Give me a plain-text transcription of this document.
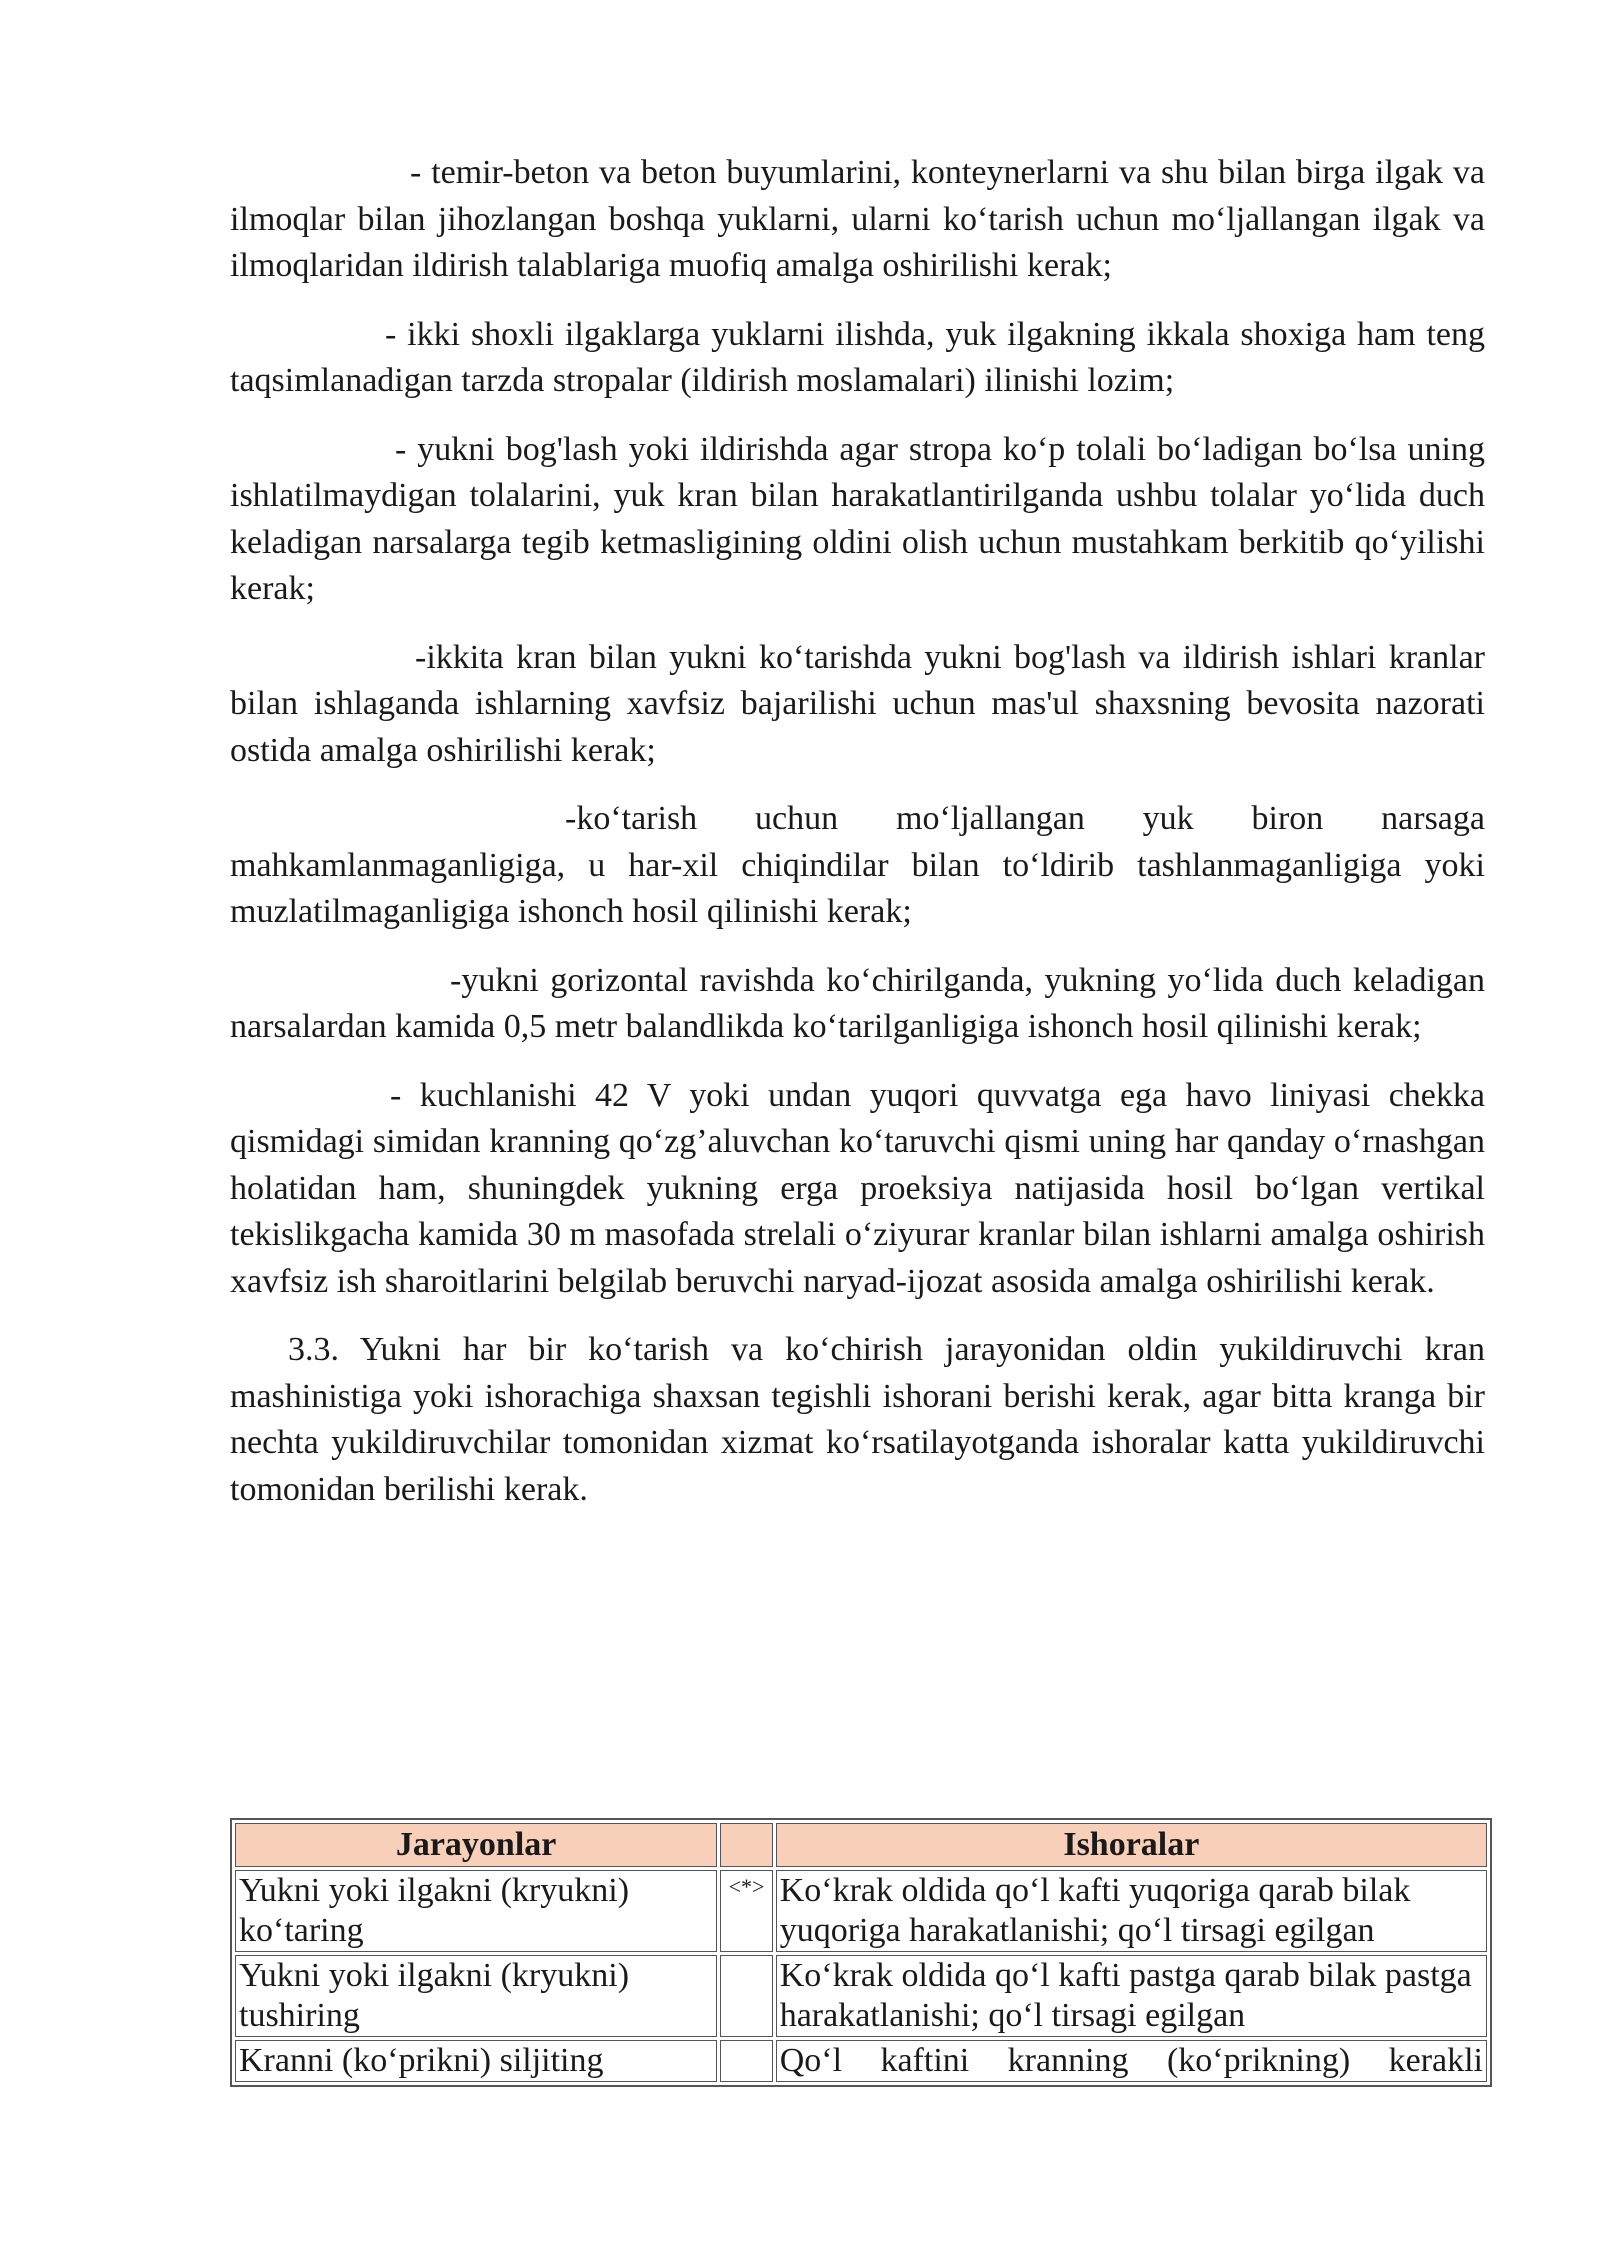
- temir-beton va beton buyumlarini, konteynerlarni va shu bilan birga ilgak va ilmoqlar bilan jihozlangan boshqa yuklarni, ularni ko‘tarish uchun mo‘ljallangan ilgak va ilmoqlaridan ildirish talablariga muofiq amalga oshirilishi kerak;

- ikki shoxli ilgaklarga yuklarni ilishda, yuk ilgakning ikkala shoxiga ham teng taqsimlanadigan tarzda stropalar (ildirish moslamalari) ilinishi lozim;

- yukni bog'lash yoki ildirishda agar stropa ko‘p tolali bo‘ladigan bo‘lsa uning ishlatilmaydigan tolalarini, yuk kran bilan harakatlantirilganda ushbu tolalar yo‘lida duch keladigan narsalarga tegib ketmasligining oldini olish uchun mustahkam berkitib qo‘yilishi kerak;

-ikkita kran bilan yukni ko‘tarishda yukni bog'lash va ildirish ishlari kranlar bilan ishlaganda ishlarning xavfsiz bajarilishi uchun mas'ul shaxsning bevosita nazorati ostida amalga oshirilishi kerak;

-ko‘tarish uchun mo‘ljallangan yuk biron narsaga mahkamlanmaganligiga, u har-xil chiqindilar bilan to‘ldirib tashlanmaganligiga yoki muzlatilmaganligiga ishonch hosil qilinishi kerak;

-yukni gorizontal ravishda ko‘chirilganda, yukning yo‘lida duch keladigan narsalardan kamida 0,5 metr balandlikda ko‘tarilganligiga ishonch hosil qilinishi kerak;

- kuchlanishi 42 V yoki undan yuqori quvvatga ega havo liniyasi chekka qismidagi simidan kranning qo‘zg’aluvchan ko‘taruvchi qismi uning har qanday o‘rnashgan holatidan ham, shuningdek yukning erga proeksiya natijasida hosil bo‘lgan vertikal tekislikgacha kamida 30 m masofada strelali o‘ziyurar kranlar bilan ishlarni amalga oshirish xavfsiz ish sharoitlarini belgilab beruvchi naryad-ijozat asosida amalga oshirilishi kerak.

3.3. Yukni har bir ko‘tarish va ko‘chirish jarayonidan oldin yukildiruvchi kran mashinistiga yoki ishorachiga shaxsan tegishli ishorani berishi kerak, agar bitta kranga bir nechta yukildiruvchilar tomonidan xizmat ko‘rsatilayotganda ishoralar katta yukildiruvchi tomonidan berilishi kerak.

Jarayonlar		Ishoralar
Yukni yoki ilgakni (kryukni) ko‘taring	<*>	Ko‘krak oldida qo‘l kafti yuqoriga qarab bilak yuqoriga harakatlanishi; qo‘l tirsagi egilgan
Yukni yoki ilgakni (kryukni) tushiring		Ko‘krak oldida qo‘l kafti pastga qarab bilak pastga harakatlanishi; qo‘l tirsagi egilgan
Kranni (ko‘prikni) siljiting		Qo‘l kaftini kranning (ko‘prikning) kerakli
